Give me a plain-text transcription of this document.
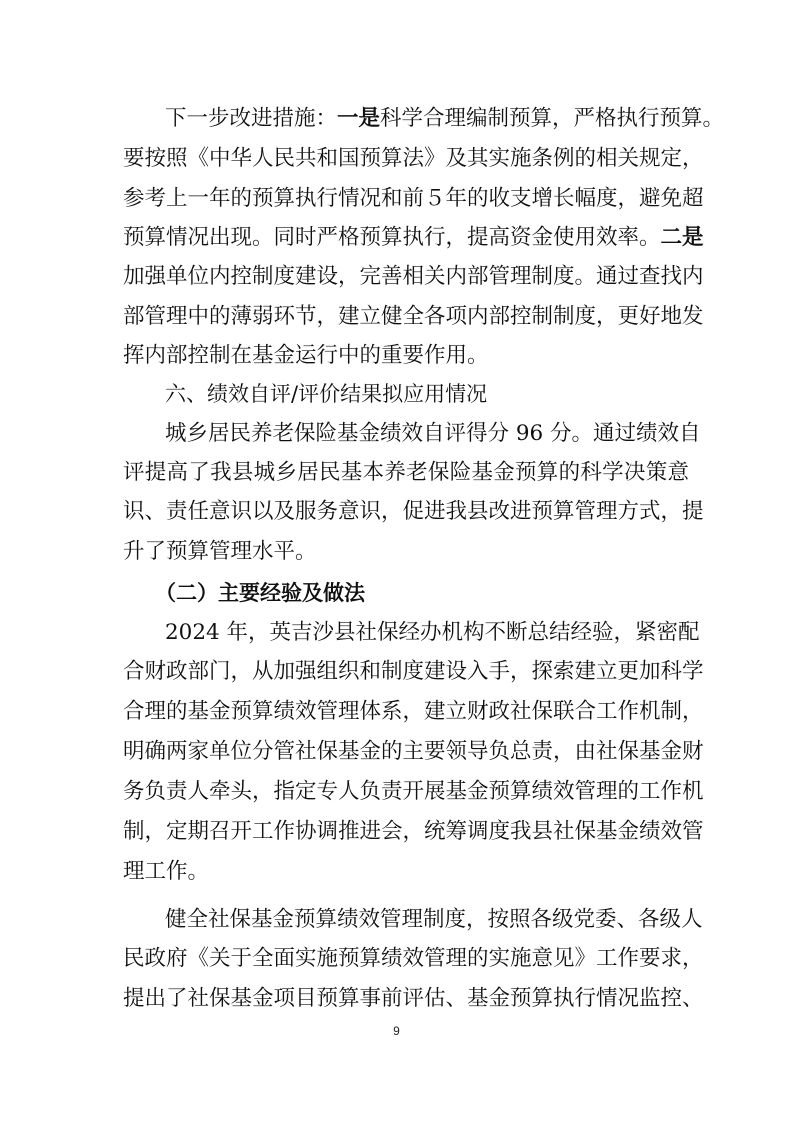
下一步改进措施：一是科学合理编制预算，严格执行预算。
要按照《中华人民共和国预算法》及其实施条例的相关规定，
参考上一年的预算执行情况和前５年的收支增长幅度，避免超
预算情况出现。同时严格预算执行，提高资金使用效率。二是
加强单位内控制度建设，完善相关内部管理制度。通过查找内
部管理中的薄弱环节，建立健全各项内部控制制度，更好地发
挥内部控制在基金运行中的重要作用。
六、绩效自评/评价结果拟应用情况
城乡居民养老保险基金绩效自评得分 96 分。通过绩效自
评提高了我县城乡居民基本养老保险基金预算的科学决策意
识、责任意识以及服务意识，促进我县改进预算管理方式，提
升了预算管理水平。
（二）主要经验及做法
2024 年，英吉沙县社保经办机构不断总结经验，紧密配
合财政部门，从加强组织和制度建设入手，探索建立更加科学
合理的基金预算绩效管理体系，建立财政社保联合工作机制，
明确两家单位分管社保基金的主要领导负总责，由社保基金财
务负责人牵头，指定专人负责开展基金预算绩效管理的工作机
制，定期召开工作协调推进会，统筹调度我县社保基金绩效管
理工作。
健全社保基金预算绩效管理制度，按照各级党委、各级人
民政府《关于全面实施预算绩效管理的实施意见》工作要求，
提出了社保基金项目预算事前评估、基金预算执行情况监控、
9
